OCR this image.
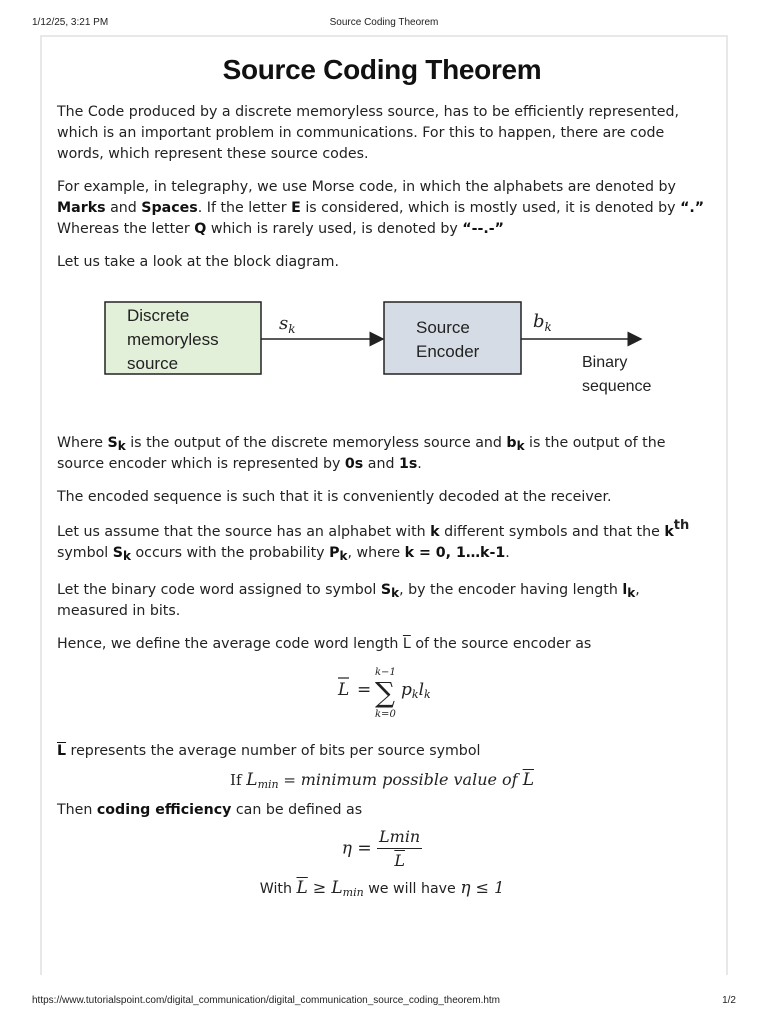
1/12/25, 3:21 PM	Source Coding Theorem
Source Coding Theorem

The Code produced by a discrete memoryless source, has to be efficiently represented, which is an important problem in communications. For this to happen, there are code words, which represent these source codes.

For example, in telegraphy, we use Morse code, in which the alphabets are denoted by Marks and Spaces. If the letter E is considered, which is mostly used, it is denoted by “.” Whereas the letter Q which is rarely used, is denoted by “--.-”

Let us take a look at the block diagram.

Discrete
memoryless
source
$s_k$	Source
Encoder
$b_k$
Binary
sequence

Where $S_k$ is the output of the discrete memoryless source and $b_k$ is the output of the source encoder which is represented by 0s and 1s.

The encoded sequence is such that it is conveniently decoded at the receiver.

Let us assume that the source has an alphabet with k different symbols and that the kth symbol $S_k$ occurs with the probability $P_k$, where k = 0, 1…k-1.

Let the binary code word assigned to symbol $S_k$, by the encoder having length $l_k$, measured in bits.

Hence, we define the average code word length $\overline{L}$ of the source encoder as

L =
k−1
∑
k=0
pklk

$\overline{L}$ represents the average number of bits per source symbol

If $L_{min}$ = minimum possible value of $\overline{L}$

Then coding efficiency can be defined as

$\eta = \frac{Lmin}{L}$
With $\overline{L} \ge L_{min}$ we will have η ≤ 1
https://www.tutorialspoint.com/digital_communication/digital_communication_source_coding_theorem.htm	1/2
